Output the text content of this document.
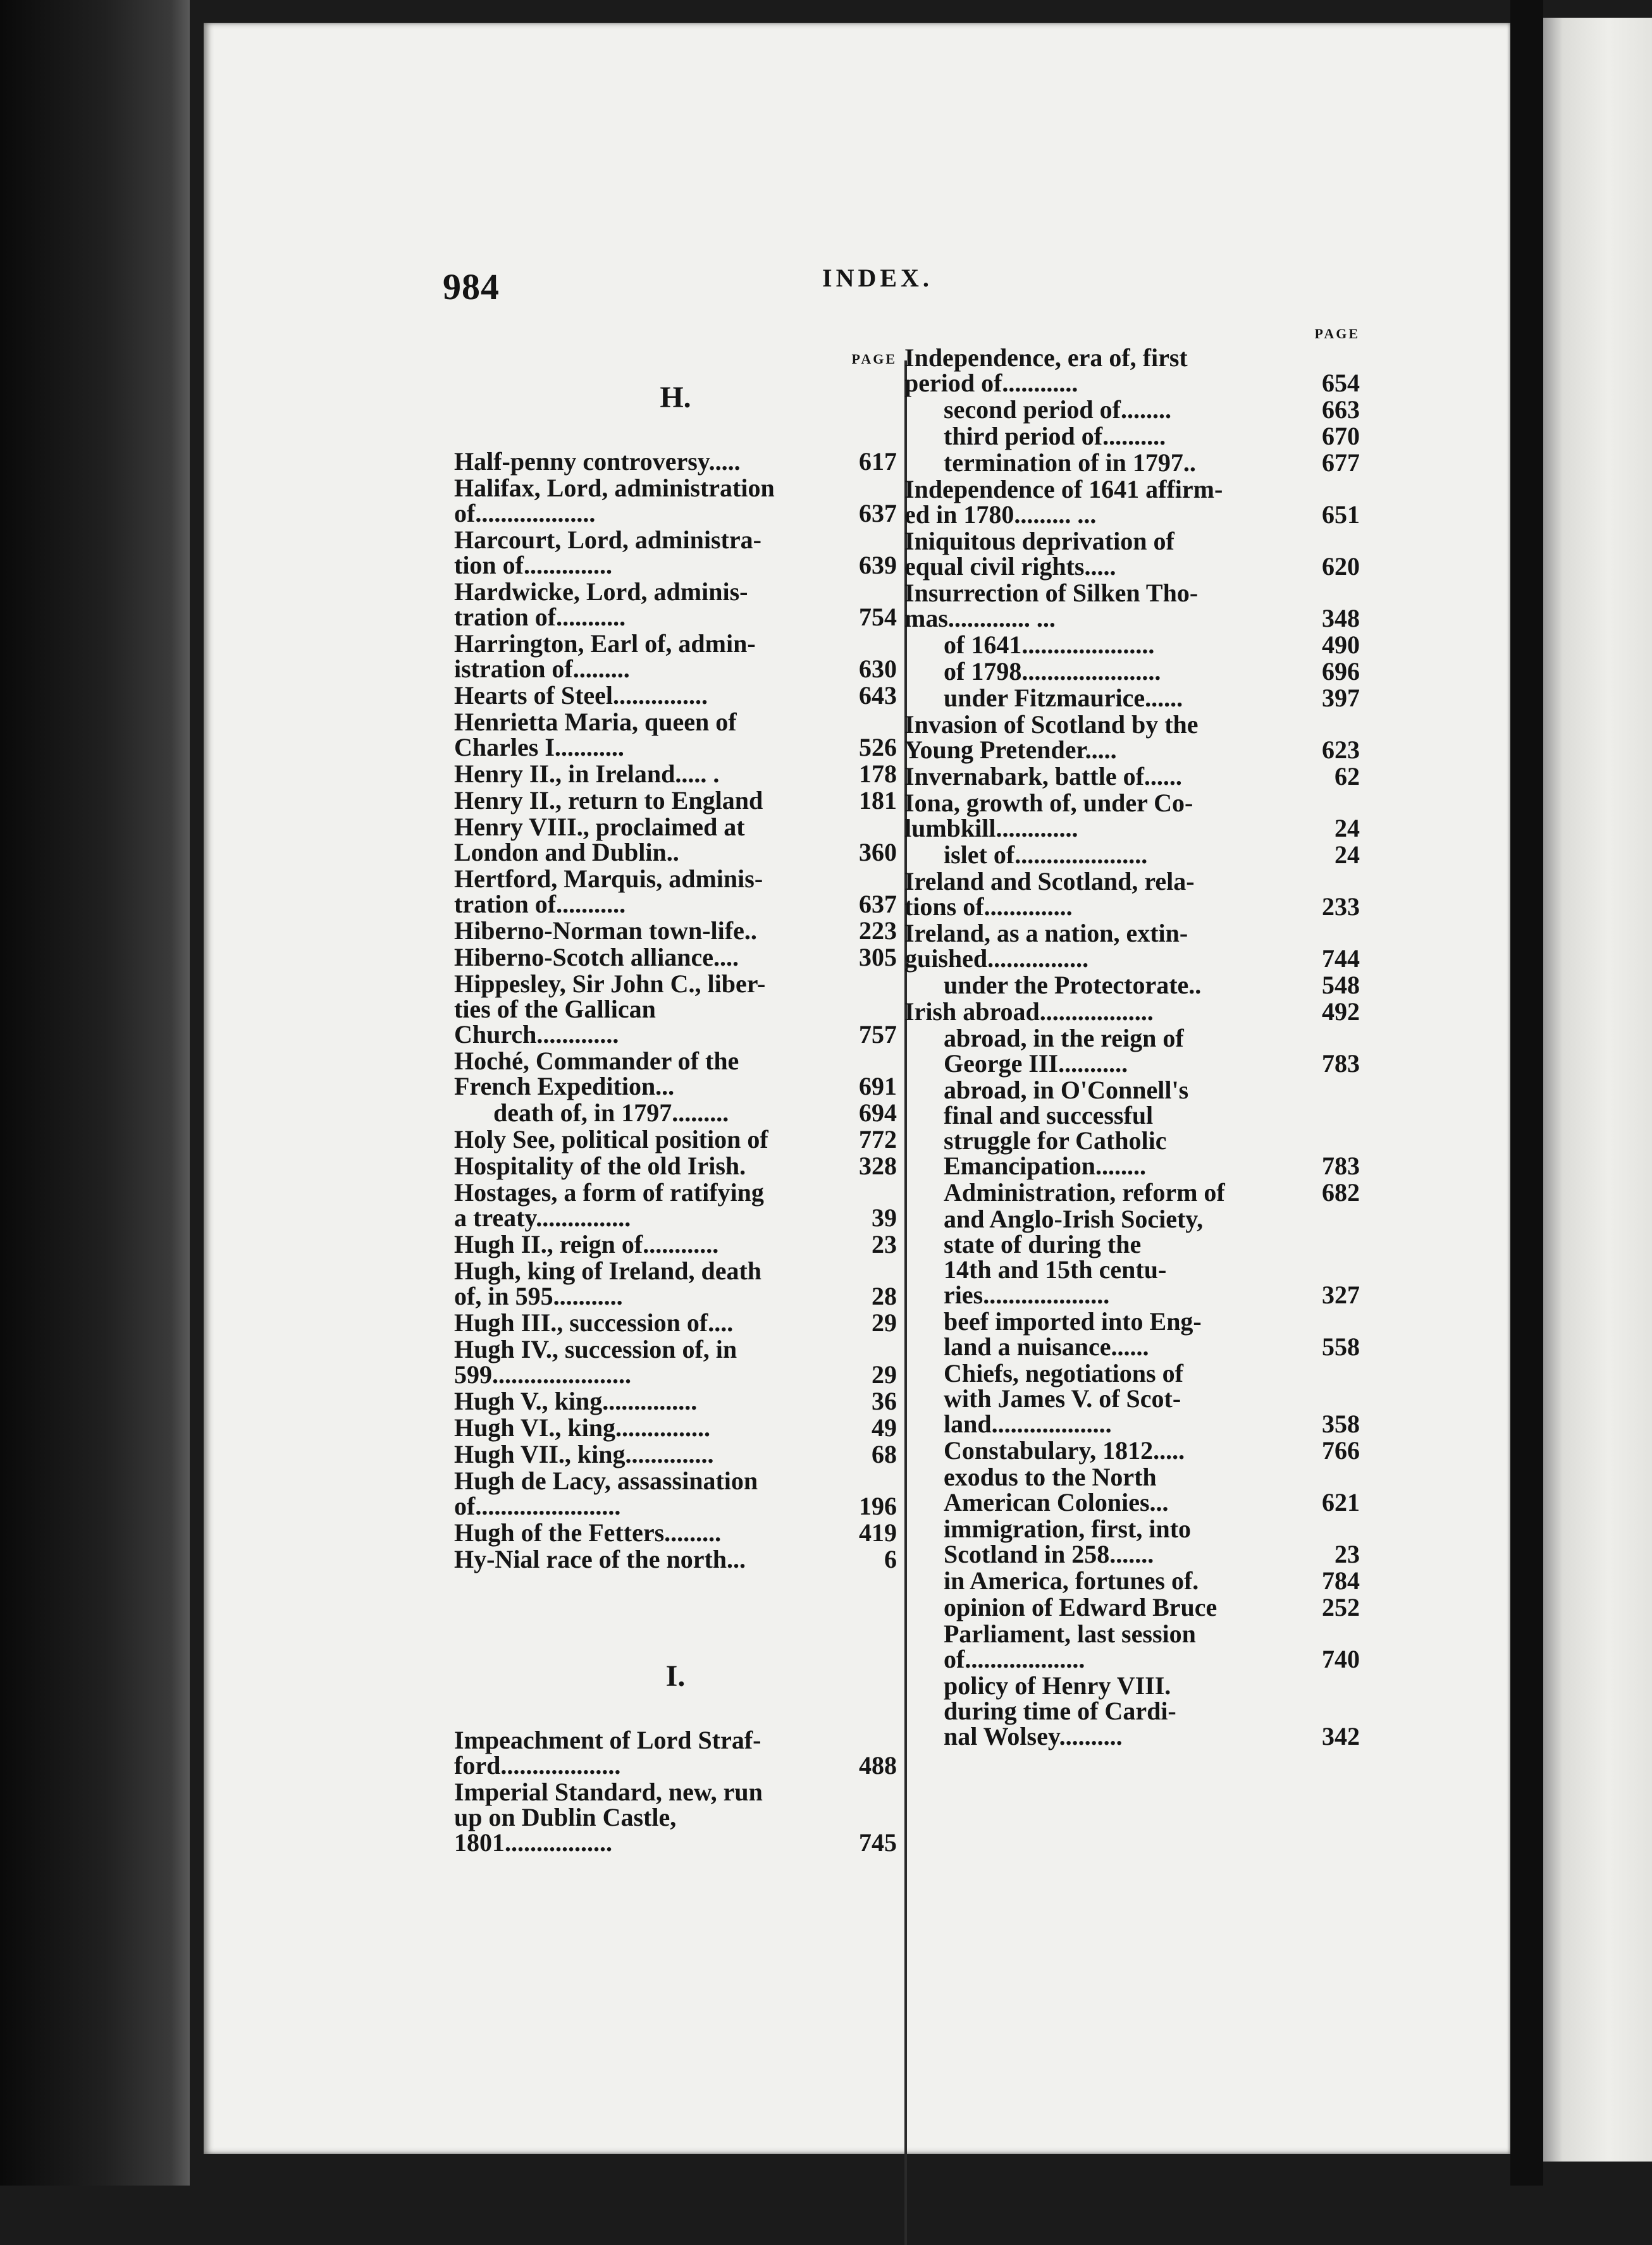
984	INDEX.
PAGE
H.
Half-penny controversy.....	617
Halifax, Lord, administration
of...................	637
Harcourt, Lord, administra-
tion of..............	639
Hardwicke, Lord, adminis-
tration of...........	754
Harrington, Earl of, admin-
istration of.........	630
Hearts of Steel...............	643
Henrietta Maria, queen of
Charles I...........	526
Henry II., in Ireland..... .	178
Henry II., return to England	181
Henry VIII., proclaimed at
London and Dublin..	360
Hertford, Marquis, adminis-
tration of...........	637
Hiberno-Norman town-life..	223
Hiberno-Scotch alliance....	305
Hippesley, Sir John C., liber-
ties of the Gallican
Church.............	757
Hoché, Commander of the
French Expedition...	691
death of, in 1797.........	694
Holy See, political position of	772
Hospitality of the old Irish.	328
Hostages, a form of ratifying
a treaty...............	39
Hugh II., reign of............	23
Hugh, king of Ireland, death
of, in 595...........	28
Hugh III., succession of....	29
Hugh IV., succession of, in
599......................	29
Hugh V., king...............	36
Hugh VI., king...............	49
Hugh VII., king..............	68
Hugh de Lacy, assassination
of.......................	196
Hugh of the Fetters.........	419
Hy-Nial race of the north...	6
I.
Impeachment of Lord Straf-
ford...................	488
Imperial Standard, new, run
up on Dublin Castle,
1801.................	745
PAGE
Independence, era of, first
period of............	654
second period of........	663
third period of..........	670
termination of in 1797..	677
Independence of 1641 affirm-
ed in 1780......... ...	651
Iniquitous deprivation of
equal civil rights.....	620
Insurrection of Silken Tho-
mas............. ...	348
of 1641.....................	490
of 1798......................	696
under Fitzmaurice......	397
Invasion of Scotland by the
Young Pretender.....	623
Invernabark, battle of......	62
Iona, growth of, under Co-
lumbkill.............	24
islet of.....................	24
Ireland and Scotland, rela-
tions of..............	233
Ireland, as a nation, extin-
guished................	744
under the Protectorate..	548
Irish abroad..................	492
abroad, in the reign of
George III...........	783
abroad, in O'Connell's
final and successful
struggle for Catholic
Emancipation........	783
Administration, reform of	682
and Anglo-Irish Society,
state of during the
14th and 15th centu-
ries....................	327
beef imported into Eng-
land a nuisance......	558
Chiefs, negotiations of
with James V. of Scot-
land...................	358
Constabulary, 1812.....	766
exodus to the North
American Colonies...	621
immigration, first, into
Scotland in 258.......	23
in America, fortunes of.	784
opinion of Edward Bruce	252
Parliament, last session
of...................	740
policy of Henry VIII.
during time of Cardi-
nal Wolsey..........	342
